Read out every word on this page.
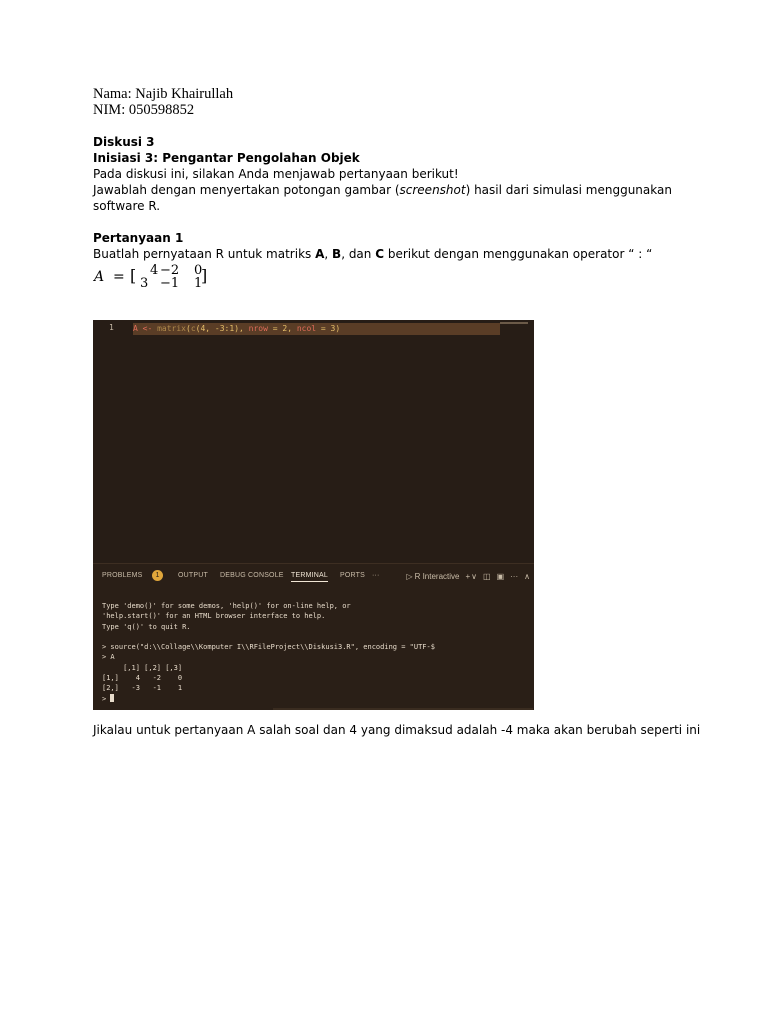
Nama: Najib Khairullah
NIM: 050598852
Diskusi 3
Inisiasi 3: Pengantar Pengolahan Objek
Pada diskusi ini, silakan Anda menjawab pertanyaan berikut!
Jawablah dengan menyertakan potongan gambar (screenshot) hasil dari simulasi menggunakan
software R.
Pertanyaan 1
Buatlah pernyataan R untuk matriks A, B, dan C berikut dengan menggunakan operator “ : “
A = [ 4 −2 0
3 −1 1
]
1 A <- matrix(c(4, -3:1), nrow = 2, ncol = 3)
PROBLEMS	1	OUTPUT DEBUG CONSOLE TERMINAL PORTS ···	▷ R Interactive +∨ ◫ ▣ ··· ∧
Type 'demo()' for some demos, 'help()' for on-line help, or
'help.start()' for an HTML browser interface to help.
Type 'q()' to quit R.
> source("d:\\Collage\\Komputer I\\RFileProject\\Diskusi3.R", encoding = "UTF-$
> A
[,1] [,2] [,3]
[1,]    4   -2    0
[2,]   -3   -1    1
>
Jikalau untuk pertanyaan A salah soal dan 4 yang dimaksud adalah -4 maka akan berubah seperti ini
